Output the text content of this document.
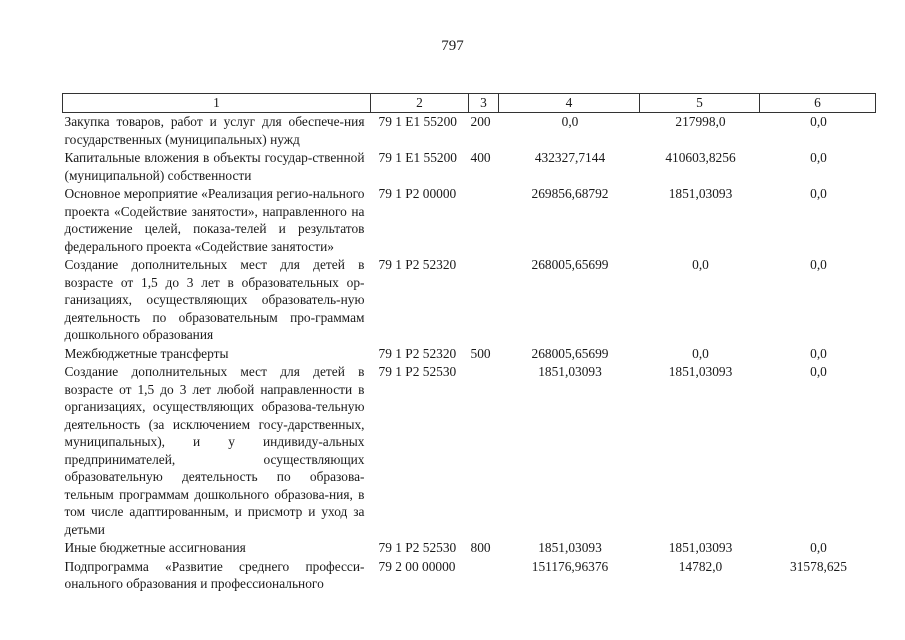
797
1	2	3	4	5	6
Закупка товаров, работ и услуг для обеспече-ния государственных (муниципальных) нужд	79 1 E1 55200	200	0,0	217998,0	0,0
Капитальные вложения в объекты государ-ственной (муниципальной) собственности	79 1 E1 55200	400	432327,7144	410603,8256	0,0
Основное мероприятие «Реализация регио-нального проекта «Содействие занятости», направленного на достижение целей, показа-телей и результатов федерального проекта «Содействие занятости»	79 1 P2 00000		269856,68792	1851,03093	0,0
Создание дополнительных мест для детей в возрасте от 1,5 до 3 лет в образовательных ор-ганизациях, осуществляющих образователь-ную деятельность по образовательным про-граммам дошкольного образования	79 1 P2 52320		268005,65699	0,0	0,0
Межбюджетные трансферты	79 1 P2 52320	500	268005,65699	0,0	0,0
Создание дополнительных мест для детей в возрасте от 1,5 до 3 лет любой направленности в организациях, осуществляющих образова-тельную деятельность (за исключением госу-дарственных, муниципальных), и у индивиду-альных предпринимателей, осуществляющих образовательную деятельность по образова-тельным программам дошкольного образова-ния, в том числе адаптированным, и присмотр и уход за детьми	79 1 P2 52530		1851,03093	1851,03093	0,0
Иные бюджетные ассигнования	79 1 P2 52530	800	1851,03093	1851,03093	0,0
Подпрограмма «Развитие среднего професси-онального образования и профессионального	79 2 00 00000		151176,96376	14782,0	31578,625
